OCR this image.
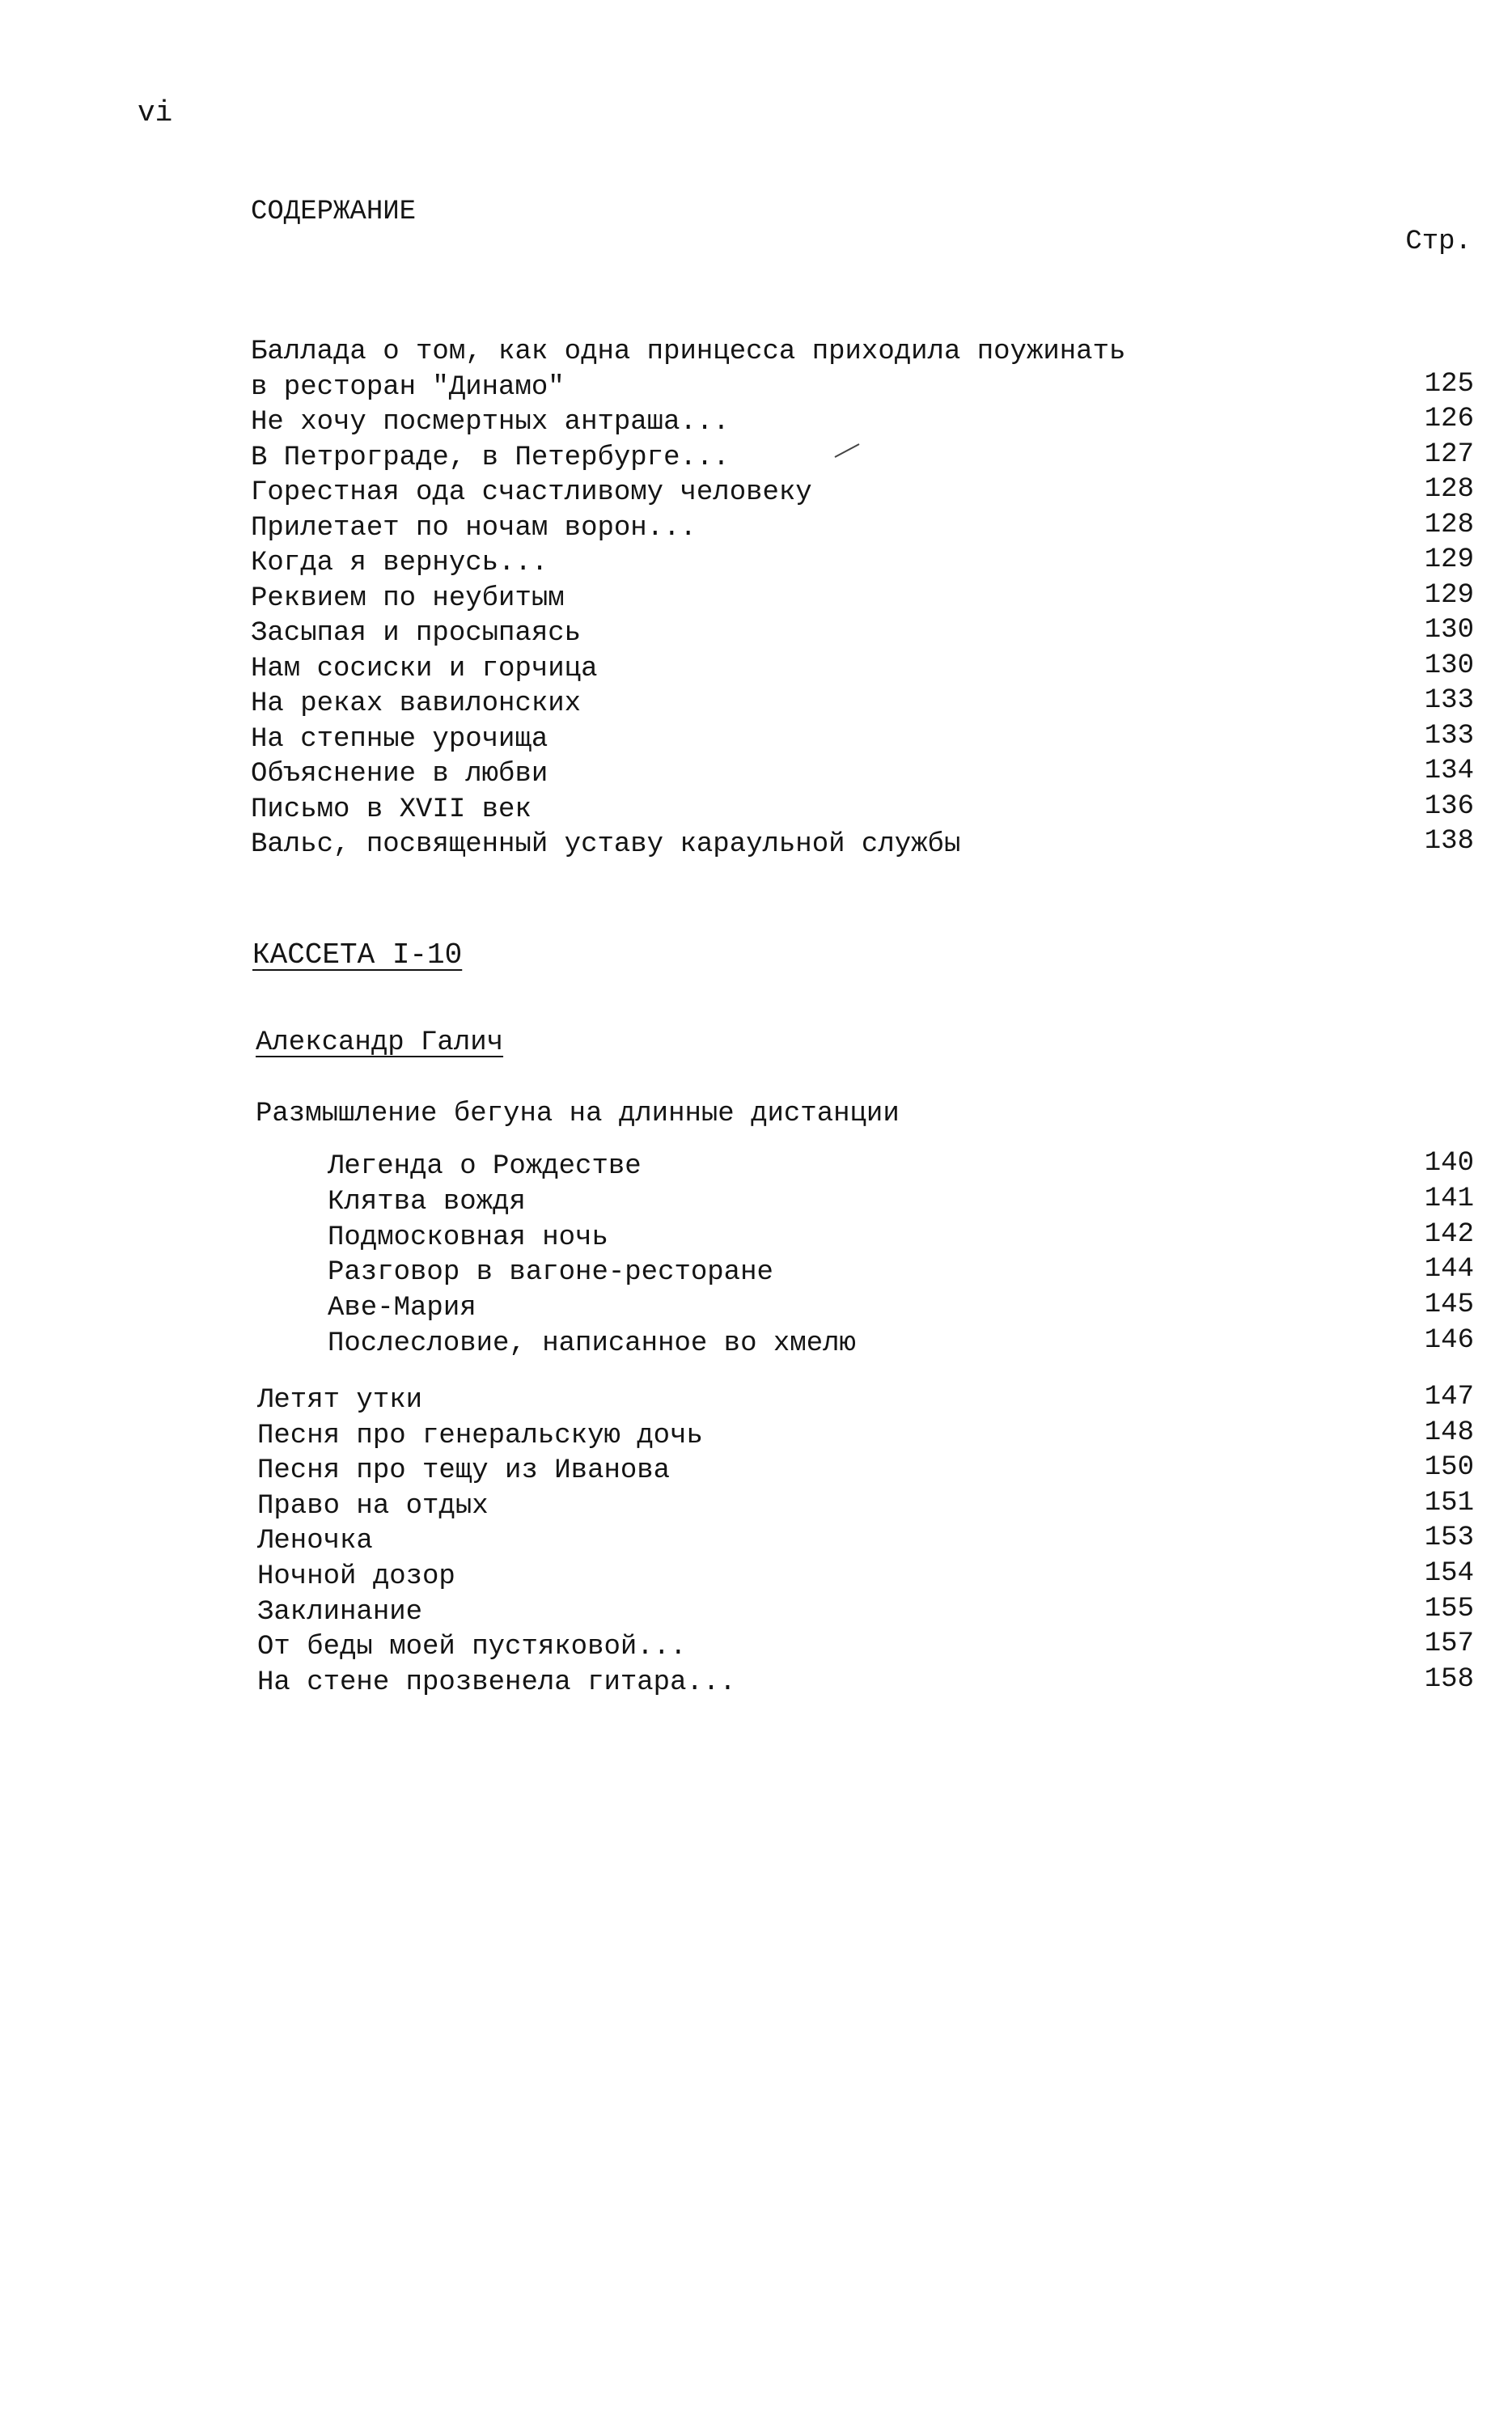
vi
СОДЕРЖАНИЕ
Стр.
Баллада о том, как одна принцесса приходила поужинать
в ресторан "Динамо"	125
Не хочу посмертных антраша...	126
В Петрограде, в Петербурге...	127
Горестная ода счастливому человеку	128
Прилетает по ночам ворон...	128
Когда я вернусь...	129
Реквием по неубитым	129
Засыпая и просыпаясь	130
Нам сосиски и горчица	130
На реках вавилонских	133
На степные урочища	133
Объяснение в любви	134
Письмо в XVII век	136
Вальс, посвященный уставу караульной службы	138
КАССЕТА I-10
Александр Галич
Размышление бегуна на длинные дистанции
Легенда о Рождестве	140
Клятва вождя	141
Подмосковная ночь	142
Разговор в вагоне-ресторане	144
Аве-Мария	145
Послесловие, написанное во хмелю	146
Летят утки	147
Песня про генеральскую дочь	148
Песня про тещу из Иванова	150
Право на отдых	151
Леночка	153
Ночной дозор	154
Заклинание	155
От беды моей пустяковой...	157
На стене прозвенела гитара...	158
